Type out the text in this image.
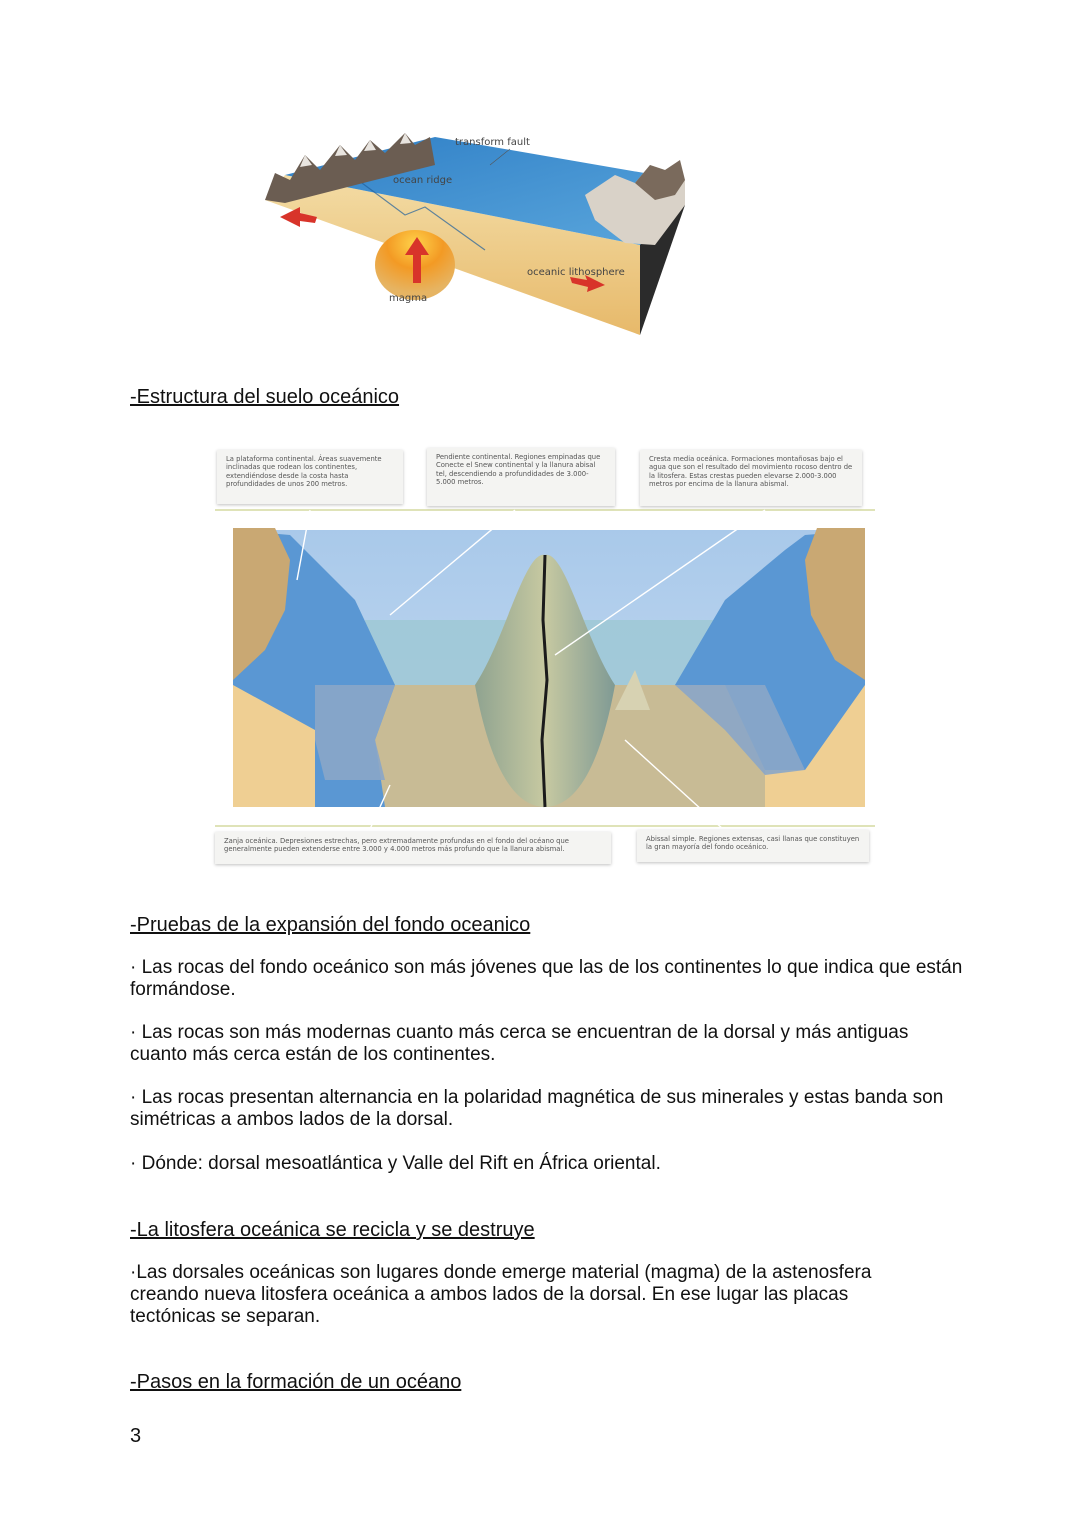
transform fault
ocean ridge
oceanic lithosphere
magma
-Estructura del suelo oceánico
La plataforma continental. Áreas suavemente inclinadas que rodean los continentes, extendiéndose desde la costa hasta profundidades de unos 200 metros.
Pendiente continental. Regiones empinadas que Conecte el Snew continental y la llanura abisal tel, descendiendo a profundidades de 3.000-5.000 metros.
Cresta media oceánica. Formaciones montañosas bajo el agua que son el resultado del movimiento rocoso dentro de la litosfera. Estas crestas pueden elevarse 2.000-3.000 metros por encima de la llanura abismal.
Zanja oceánica. Depresiones estrechas, pero extremadamente profundas en el fondo del océano que generalmente pueden extenderse entre 3.000 y 4.000 metros más profundo que la llanura abismal.
Abissal simple. Regiones extensas, casi llanas que constituyen la gran mayoría del fondo oceánico.
-Pruebas de la expansión del fondo oceanico
· Las rocas del fondo oceánico son más jóvenes que las de los continentes lo que indica que están formándose.
· Las rocas son más modernas cuanto más cerca se encuentran de la dorsal y más antiguas cuanto más cerca están de los continentes.
· Las rocas presentan alternancia en la polaridad magnética de sus minerales y estas banda son simétricas a ambos lados de la dorsal.
· Dónde: dorsal mesoatlántica y Valle del Rift en África oriental.
-La litosfera oceánica se recicla y se destruye
·Las dorsales oceánicas son lugares donde emerge material (magma) de la astenosfera creando nueva litosfera oceánica a ambos lados de la dorsal. En ese lugar las placas tectónicas se separan.
-Pasos en la formación de un océano
3
